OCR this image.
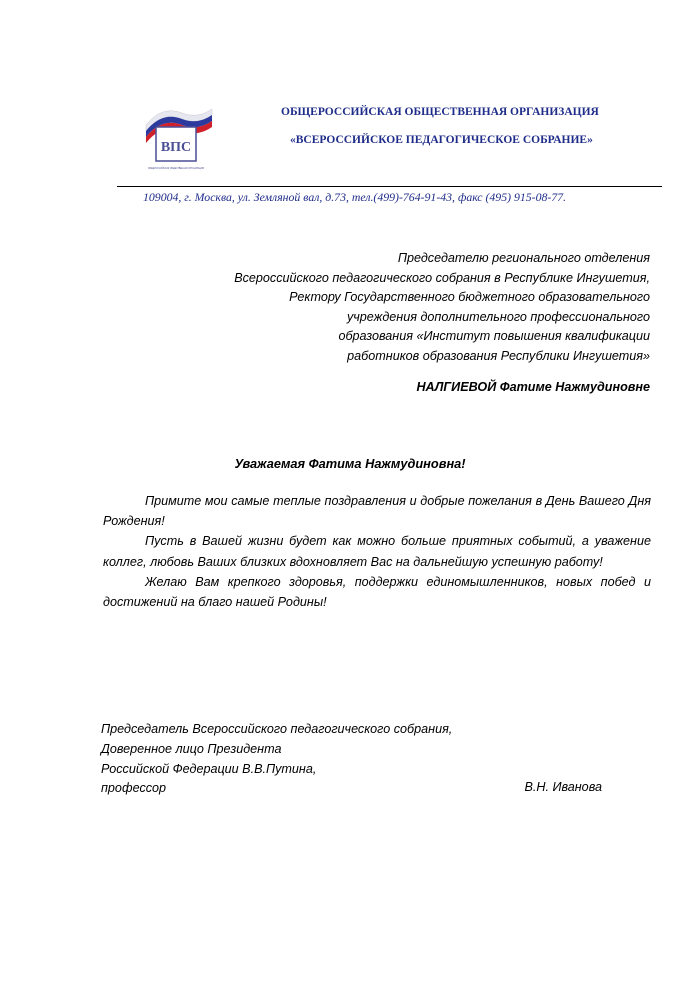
ВПС
ОБЩЕРОССИЙСКАЯ ОБЩЕСТВЕННАЯ ОРГАНИЗАЦИЯ
ОБЩЕРОССИЙСКАЯ ОБЩЕСТВЕННАЯ ОРГАНИЗАЦИЯ
«ВСЕРОССИЙСКОЕ ПЕДАГОГИЧЕСКОЕ СОБРАНИЕ»
109004, г. Москва, ул. Земляной вал, д.73, тел.(499)-764-91-43, факс (495) 915-08-77.
Председателю регионального отделения
Всероссийского педагогического собрания в Республике Ингушетия,
Ректору Государственного бюджетного образовательного
учреждения дополнительного профессионального
образования «Институт повышения квалификации
работников образования Республики Ингушетия»
НАЛГИЕВОЙ Фатиме Нажмудиновне
Уважаемая Фатима Нажмудиновна!

Примите мои самые теплые поздравления и добрые пожелания в День Вашего Дня Рождения!

Пусть в Вашей жизни будет как можно больше приятных событий, а уважение коллег, любовь Ваших близких вдохновляет Вас на дальнейшую успешную работу!

Желаю Вам крепкого здоровья, поддержки единомышленников, новых побед и достижений на благо нашей Родины!

Председатель Всероссийского педагогического собрания,
Доверенное лицо Президента
Российской Федерации В.В.Путина,
профессор	В.Н. Иванова
